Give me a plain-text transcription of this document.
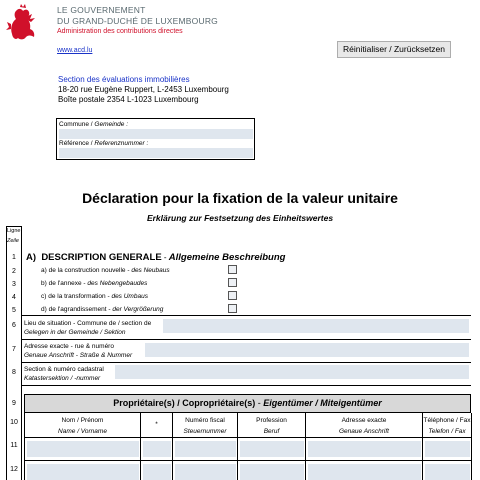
LE GOUVERNEMENT
DU GRAND-DUCHÉ DE LUXEMBOURG
Administration des contributions directes
www.acd.lu	Réinitialiser / Zurücksetzen
Section des évaluations immobilières
18-20 rue Eugène Ruppert, L-2453 Luxembourg
Boîte postale 2354 L-1023 Luxembourg
Commune / Gemeinde :
Référence / Referenznummer :
Déclaration pour la fixation de la valeur unitaire
Erklärung zur Festsetzung des Einheitswertes
Ligne
Zeile
1
2
3
4
5
6
7
8
9
10
11
12
A) DESCRIPTION GENERALE - Allgemeine Beschreibung
a) de la construction nouvelle - des Neubaus
b) de l'annexe - des Nebengebaudes
c) de la transformation - des Umbaus
d) de l'agrandissement - der Vergrößerung
Lieu de situation - Commune de / section de
Gelegen in der Gemeinde / Sektion
Adresse exacte - rue & numéro
Genaue Anschrift - Straße & Nummer
Section & numéro cadastral
Katastersektion / -nummer
Propriétaire(s) / Copropriétaire(s) - Eigentümer / Miteigentümer
Nom / Prénom
Name / Vorname
*
Numéro fiscal
Steuernummer
Profession
Beruf
Adresse exacte
Genaue Anschrift
Téléphone / Fax
Telefon / Fax
